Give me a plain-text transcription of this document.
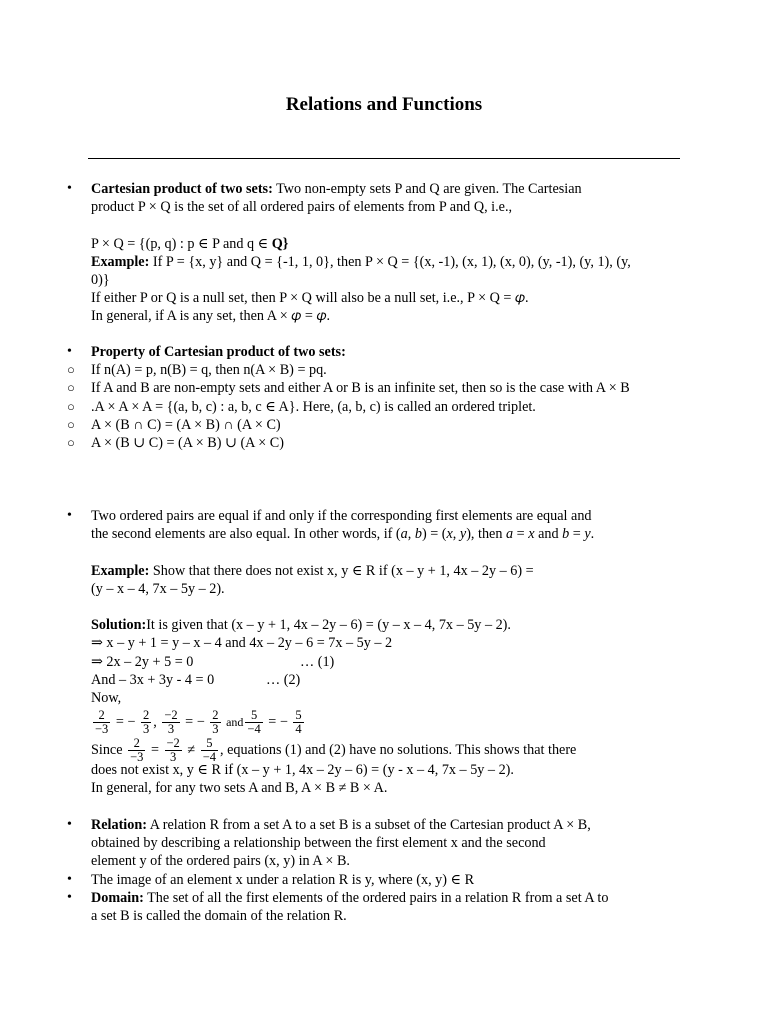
Relations and Functions
• Cartesian product of two sets: Two non-empty sets P and Q are given. The Cartesian
product P × Q is the set of all ordered pairs of elements from P and Q, i.e.,
P × Q = {(p, q) : p ∈ P and q ∈ Q}
Example: If P = {x, y} and Q = {-1, 1, 0}, then P × Q = {(x, -1), (x, 1), (x, 0), (y, -1), (y, 1), (y,
0)}
If either P or Q is a null set, then P × Q will also be a null set, i.e., P × Q = 𝜑.
In general, if A is any set, then A × 𝜑 = 𝜑.
• Property of Cartesian product of two sets:
○ If n(A) = p, n(B) = q, then n(A × B) = pq.
○ If A and B are non-empty sets and either A or B is an infinite set, then so is the case with A × B
○ .A × A × A = {(a, b, c) : a, b, c ∈ A}. Here, (a, b, c) is called an ordered triplet.
○ A × (B ∩ C) = (A × B) ∩ (A × C)
○ A × (B ∪ C) = (A × B) ∪ (A × C)
• Two ordered pairs are equal if and only if the corresponding first elements are equal and
the second elements are also equal. In other words, if (a, b) = (x, y), then a = x and b = y.
Example: Show that there does not exist x, y ∈ R if (x – y + 1, 4x – 2y – 6) =
(y – x – 4, 7x – 5y – 2).
Solution:It is given that (x – y + 1, 4x – 2y – 6) = (y – x – 4, 7x – 5y – 2).
⇒ x – y + 1 = y – x – 4 and 4x – 2y – 6 = 7x – 5y – 2
⇒ 2x – 2y + 5 = 0	… (1)
And – 3x + 3y - 4 = 0	… (2)
Now,
$\frac{2}{-3}$ = − $\frac{2}{3}$ , $\frac{-2}{3}$ = − $\frac{2}{3}$ and $\frac{5}{-4}$ = − $\frac{5}{4}$
Since $\frac{2}{-3} = \frac{-2}{3} \ne \frac{5}{-4}$ , equations (1) and (2) have no solutions. This shows that there
does not exist x, y ∈ R if (x – y + 1, 4x – 2y – 6) = (y - x – 4, 7x – 5y – 2).
In general, for any two sets A and B, A × B ≠ B × A.
• Relation: A relation R from a set A to a set B is a subset of the Cartesian product A × B,
obtained by describing a relationship between the first element x and the second
element y of the ordered pairs (x, y) in A × B.
• The image of an element x under a relation R is y, where (x, y) ∈ R
• Domain: The set of all the first elements of the ordered pairs in a relation R from a set A to
a set B is called the domain of the relation R.
